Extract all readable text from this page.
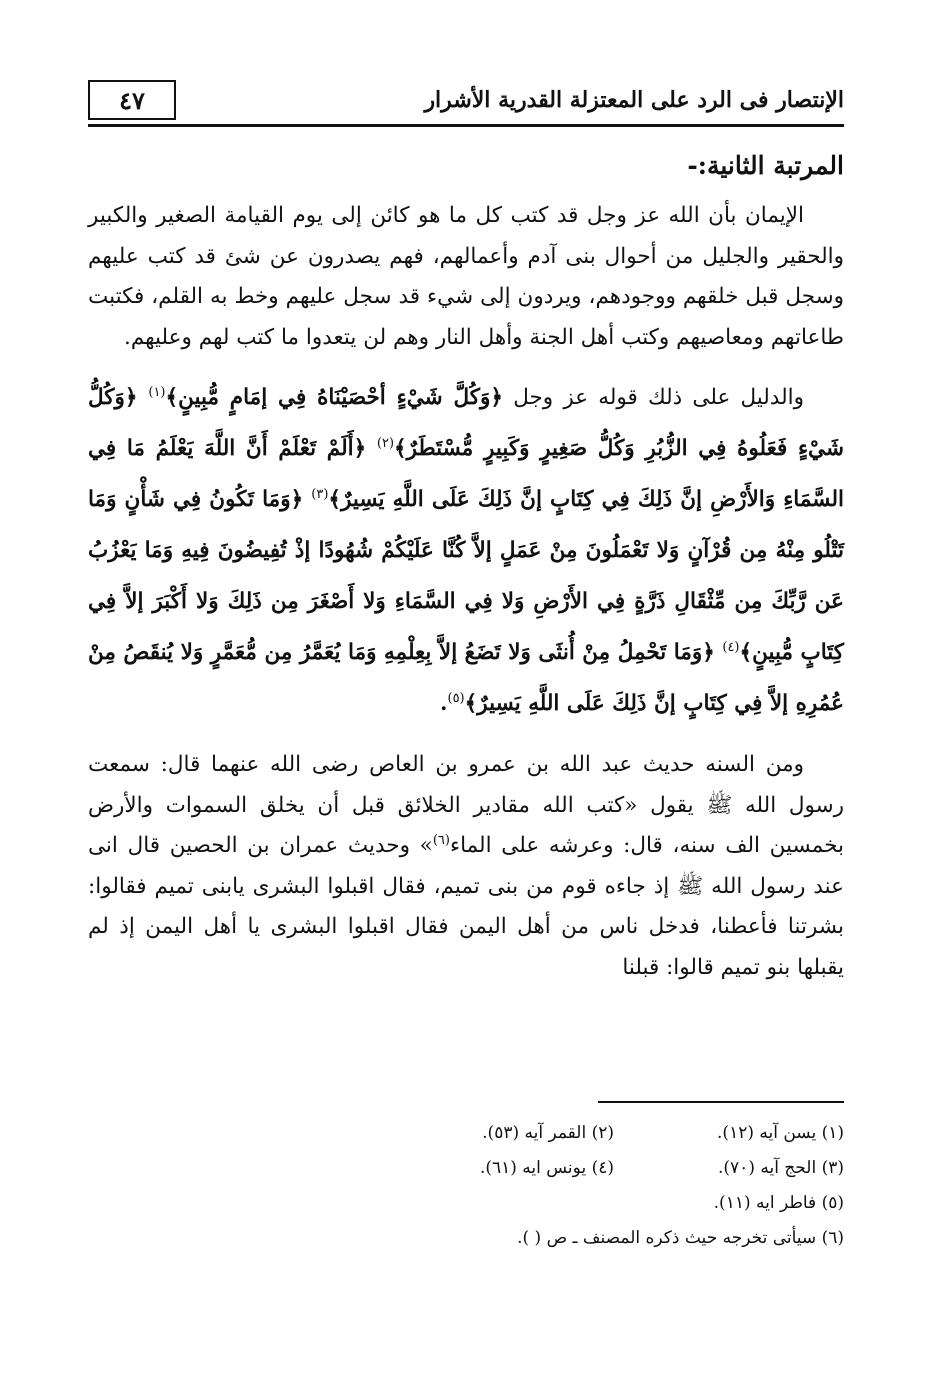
٤٧	الإنتصار فى الرد على المعتزلة القدرية الأشرار
المرتبة الثانية:-

الإيمان بأن الله عز وجل قد كتب كل ما هو كائن إلى يوم القيامة الصغير والكبير والحقير والجليل من أحوال بنى آدم وأعمالهم، فهم يصدرون عن شئ قد كتب عليهم وسجل قبل خلقهم ووجودهم، ويردون إلى شيء قد سجل عليهم وخط به القلم، فكتبت طاعاتهم ومعاصيهم وكتب أهل الجنة وأهل النار وهم لن يتعدوا ما كتب لهم وعليهم.

والدليل على ذلك قوله عز وجل ﴿وَكُلَّ شَيْءٍ أحْصَيْنَاهُ فِي إمَامٍ مُّبِينٍ﴾$^{(١)}$ ﴿وَكُلُّ شَيْءٍ فَعَلُوهُ فِي الزُّبُرِ وَكُلُّ صَغِيرٍ وَكَبِيرٍ مُّسْتَطَرٌ﴾$^{(٢)}$ ﴿أَلَمْ تَعْلَمْ أَنَّ اللَّهَ يَعْلَمُ مَا فِي السَّمَاءِ وَالأَرْضِ إنَّ ذَلِكَ فِي كِتَابٍ إنَّ ذَلِكَ عَلَى اللَّهِ يَسِيرٌ﴾$^{(٣)}$ ﴿وَمَا تَكُونُ فِي شَأْنٍ وَمَا تَتْلُو مِنْهُ مِن قُرْآنٍ وَلا تَعْمَلُونَ مِنْ عَمَلٍ إلاَّ كُنَّا عَلَيْكُمْ شُهُودًا إذْ تُفِيضُونَ فِيهِ وَمَا يَعْزُبُ عَن رَّبِّكَ مِن مِّثْقَالِ ذَرَّةٍ فِي الأَرْضِ وَلا فِي السَّمَاءِ وَلا أَصْغَرَ مِن ذَلِكَ وَلا أَكْبَرَ إلاَّ فِي كِتَابٍ مُّبِينٍ﴾$^{(٤)}$ ﴿وَمَا تَحْمِلُ مِنْ أُنثَى وَلا تَضَعُ إلاَّ بِعِلْمِهِ وَمَا يُعَمَّرُ مِن مُّعَمَّرٍ وَلا يُنقَصُ مِنْ عُمُرِهِ إلاَّ فِي كِتَابٍ إنَّ ذَلِكَ عَلَى اللَّهِ يَسِيرٌ﴾$^{(٥)}$.

ومن السنه حديث عبد الله بن عمرو بن العاص رضى الله عنهما قال: سمعت رسول الله ﷺ يقول «كتب الله مقادير الخلائق قبل أن يخلق السموات والأرض بخمسين الف سنه، قال: وعرشه على الماء$^{(٦)}$» وحديث عمران بن الحصين قال انى عند رسول الله ﷺ إذ جاءه قوم من بنى تميم، فقال اقبلوا البشرى يابنى تميم فقالوا: بشرتنا فأعطنا، فدخل ناس من أهل اليمن فقال اقبلوا البشرى يا أهل اليمن إذ لم يقبلها بنو تميم قالوا: قبلنا

(١) يسن آيه (١٢).
(٢) القمر آيه (٥٣).
(٣) الحج آيه (٧٠).
(٤) يونس ايه (٦١).
(٥) فاطر ايه (١١).
(٦) سيأتى تخرجه حيث ذكره المصنف ـ ص ( ).
